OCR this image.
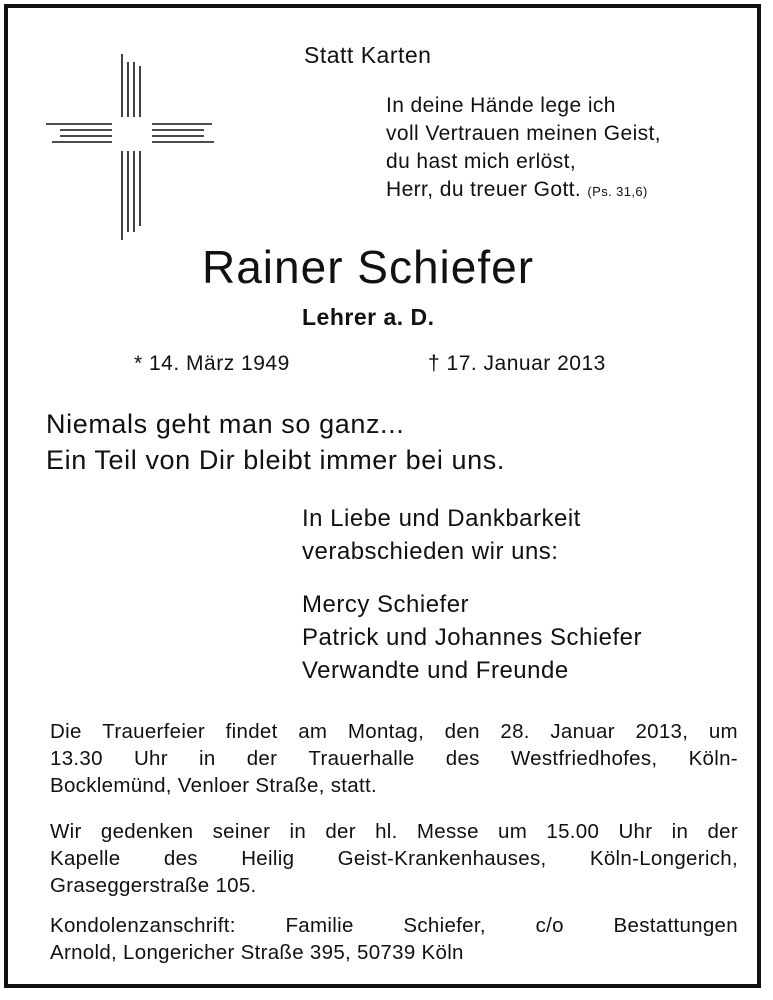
Statt Karten
In deine Hände lege ich
voll Vertrauen meinen Geist,
du hast mich erlöst,
Herr, du treuer Gott. (Ps. 31,6)
Rainer Schiefer
Lehrer a. D.
* 14. März 1949	† 17. Januar 2013
Niemals geht man so ganz...
Ein Teil von Dir bleibt immer bei uns.
In Liebe und Dankbarkeit
verabschieden wir uns:
Mercy Schiefer
Patrick und Johannes Schiefer
Verwandte und Freunde
Die Trauerfeier findet am Montag, den 28. Januar 2013, um
13.30 Uhr in der Trauerhalle des Westfriedhofes, Köln-
Bocklemünd, Venloer Straße, statt.
Wir gedenken seiner in der hl. Messe um 15.00 Uhr in der
Kapelle des Heilig Geist-Krankenhauses, Köln-Longerich,
Graseggerstraße 105.
Kondolenzanschrift: Familie Schiefer, c/o Bestattungen
Arnold, Longericher Straße 395, 50739 Köln
